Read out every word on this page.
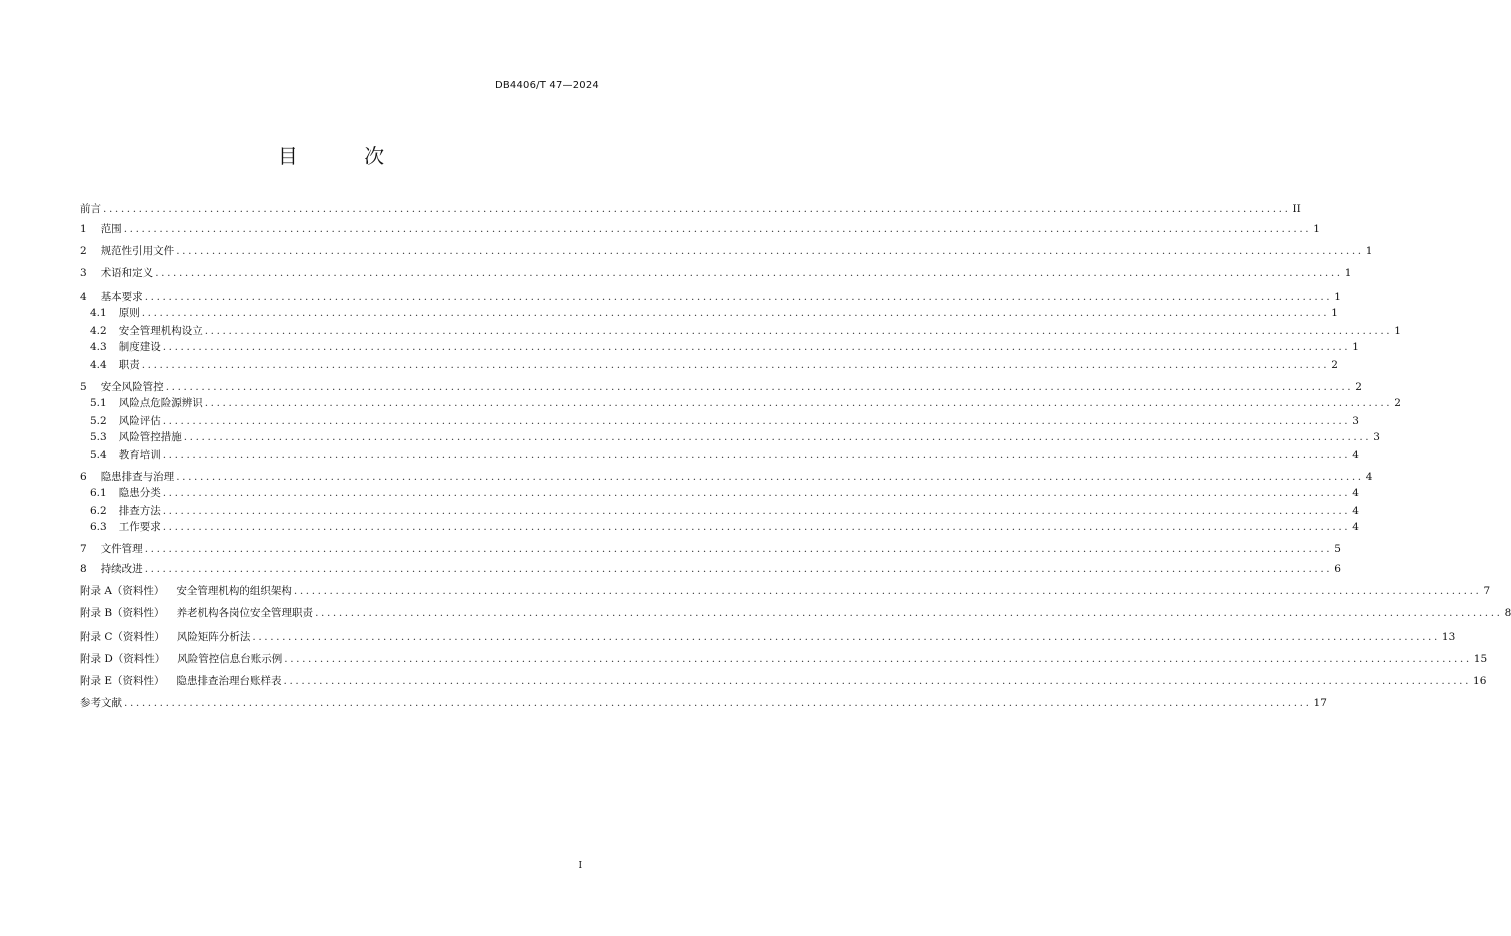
DB4406/T 47—2024
目 次
前言 ........................................................................................................................................................................................................ II
1 范围 ........................................................................................................................................................................................................ 1
2 规范性引用文件 ........................................................................................................................................................................................................ 1
3 术语和定义 ........................................................................................................................................................................................................ 1
4 基本要求 ........................................................................................................................................................................................................ 1
4.1 原则 ........................................................................................................................................................................................................ 1
4.2 安全管理机构设立 ........................................................................................................................................................................................................ 1
4.3 制度建设 ........................................................................................................................................................................................................ 1
4.4 职责 ........................................................................................................................................................................................................ 2
5 安全风险管控 ........................................................................................................................................................................................................ 2
5.1 风险点危险源辨识 ........................................................................................................................................................................................................ 2
5.2 风险评估 ........................................................................................................................................................................................................ 3
5.3 风险管控措施 ........................................................................................................................................................................................................ 3
5.4 教育培训 ........................................................................................................................................................................................................ 4
6 隐患排查与治理 ........................................................................................................................................................................................................ 4
6.1 隐患分类 ........................................................................................................................................................................................................ 4
6.2 排查方法 ........................................................................................................................................................................................................ 4
6.3 工作要求 ........................................................................................................................................................................................................ 4
7 文件管理 ........................................................................................................................................................................................................ 5
8 持续改进 ........................................................................................................................................................................................................ 6
附录 A（资料性） 安全管理机构的组织架构 ........................................................................................................................................................................................................ 7
附录 B（资料性） 养老机构各岗位安全管理职责 ........................................................................................................................................................................................................ 8
附录 C（资料性） 风险矩阵分析法 ........................................................................................................................................................................................................ 13
附录 D（资料性） 风险管控信息台账示例 ........................................................................................................................................................................................................ 15
附录 E（资料性） 隐患排查治理台账样表 ........................................................................................................................................................................................................ 16
参考文献 ........................................................................................................................................................................................................ 17
I
